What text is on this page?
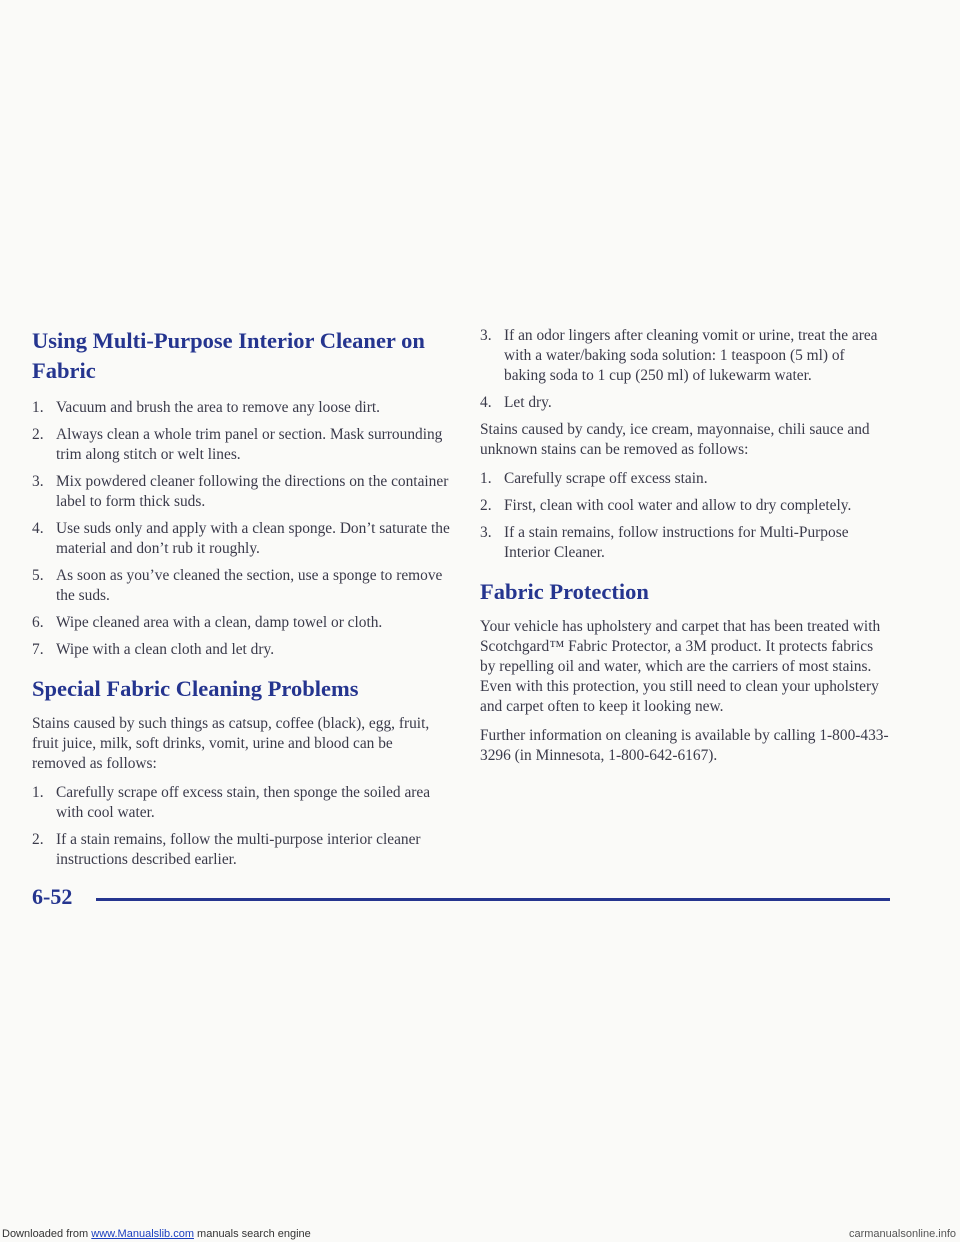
Using Multi-Purpose Interior Cleaner on Fabric
1. Vacuum and brush the area to remove any loose dirt.
2. Always clean a whole trim panel or section. Mask surrounding trim along stitch or welt lines.
3. Mix powdered cleaner following the directions on the container label to form thick suds.
4. Use suds only and apply with a clean sponge. Don’t saturate the material and don’t rub it roughly.
5. As soon as you’ve cleaned the section, use a sponge to remove the suds.
6. Wipe cleaned area with a clean, damp towel or cloth.
7. Wipe with a clean cloth and let dry.
Special Fabric Cleaning Problems

Stains caused by such things as catsup, coffee (black), egg, fruit, fruit juice, milk, soft drinks, vomit, urine and blood can be removed as follows:

1. Carefully scrape off excess stain, then sponge the soiled area with cool water.
2. If a stain remains, follow the multi-purpose interior cleaner instructions described earlier.
3. If an odor lingers after cleaning vomit or urine, treat the area with a water/baking soda solution: 1 teaspoon (5 ml) of baking soda to 1 cup (250 ml) of lukewarm water.
4. Let dry.

Stains caused by candy, ice cream, mayonnaise, chili sauce and unknown stains can be removed as follows:

1. Carefully scrape off excess stain.
2. First, clean with cool water and allow to dry completely.
3. If a stain remains, follow instructions for Multi-Purpose Interior Cleaner.
Fabric Protection

Your vehicle has upholstery and carpet that has been treated with Scotchgard™ Fabric Protector, a 3M product. It protects fabrics by repelling oil and water, which are the carriers of most stains. Even with this protection, you still need to clean your upholstery and carpet often to keep it looking new.

Further information on cleaning is available by calling 1-800-433-3296 (in Minnesota, 1-800-642-6167).

6-52
Downloaded from www.Manualslib.com manuals search engine	carmanualsonline.info
